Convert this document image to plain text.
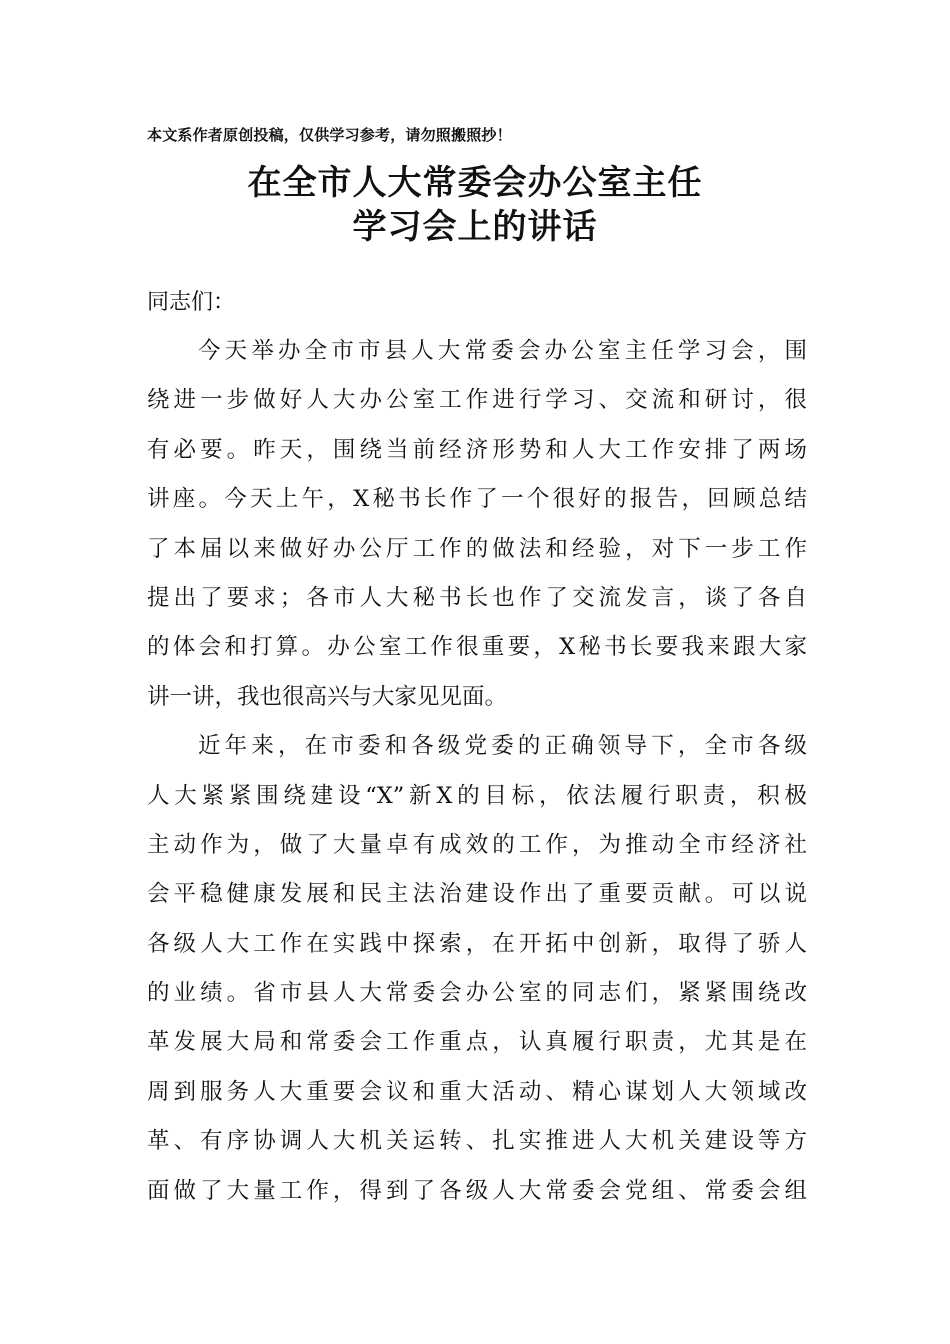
本文系作者原创投稿，仅供学习参考，请勿照搬照抄！
在全市人大常委会办公室主任
学习会上的讲话
同志们：
今天举办全市市县人大常委会办公室主任学习会，围
绕进一步做好人大办公室工作进行学习、交流和研讨，很
有必要。昨天，围绕当前经济形势和人大工作安排了两场
讲座。今天上午，X秘书长作了一个很好的报告，回顾总结
了本届以来做好办公厅工作的做法和经验，对下一步工作
提出了要求；各市人大秘书长也作了交流发言，谈了各自
的体会和打算。办公室工作很重要，X秘书长要我来跟大家
讲一讲，我也很高兴与大家见见面。
近年来，在市委和各级党委的正确领导下，全市各级
人大紧紧围绕建设“X”新X的目标，依法履行职责，积极
主动作为，做了大量卓有成效的工作，为推动全市经济社
会平稳健康发展和民主法治建设作出了重要贡献。可以说
各级人大工作在实践中探索，在开拓中创新，取得了骄人
的业绩。省市县人大常委会办公室的同志们，紧紧围绕改
革发展大局和常委会工作重点，认真履行职责，尤其是在
周到服务人大重要会议和重大活动、精心谋划人大领域改
革、有序协调人大机关运转、扎实推进人大机关建设等方
面做了大量工作，得到了各级人大常委会党组、常委会组
